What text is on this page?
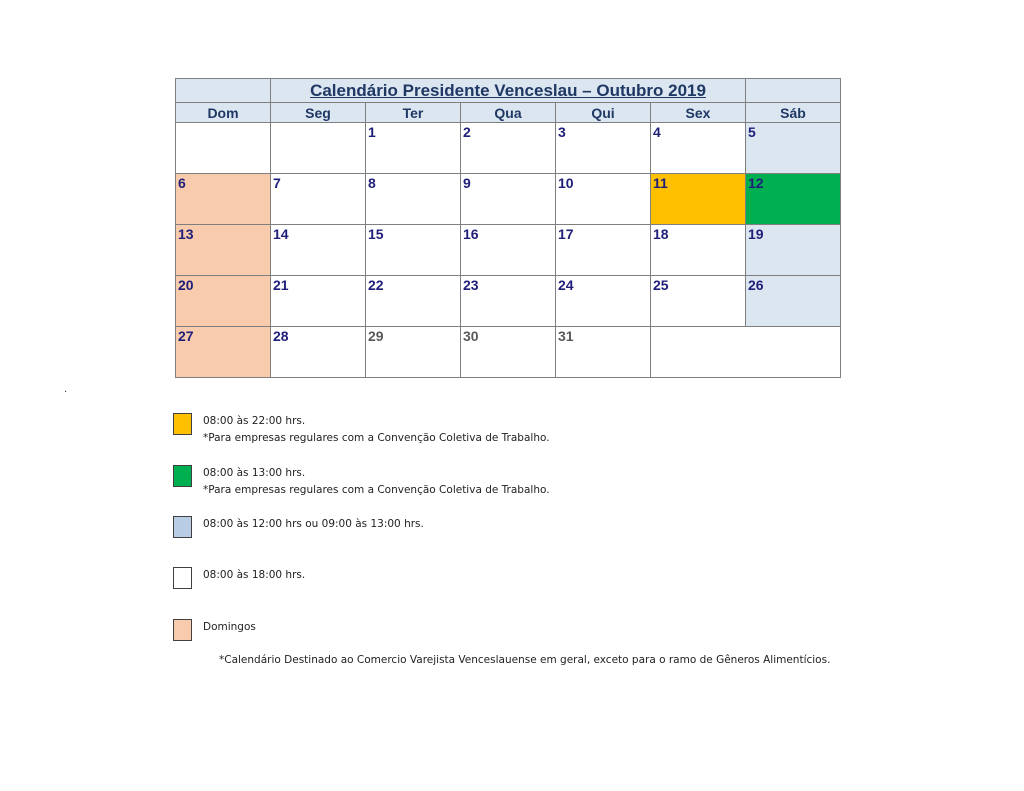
	Calendário Presidente Venceslau – Outubro 2019					
Dom	Seg	Ter	Qua	Qui	Sex	Sáb

		1	2	3	4	5

6	7	8	9	10	11	12

13	14	15	16	17	18	19

20	21	22	23	24	25	26

27	28	29	30	31		

.
08:00 às 22:00 hrs.
*Para empresas regulares com a Convenção Coletiva de Trabalho.
08:00 às 13:00 hrs.
*Para empresas regulares com a Convenção Coletiva de Trabalho.
08:00 às 12:00 hrs ou 09:00 às 13:00 hrs.
08:00 às 18:00 hrs.
Domingos
*Calendário Destinado ao Comercio Varejista Venceslauense em geral, exceto para o ramo de Gêneros Alimentícios.
